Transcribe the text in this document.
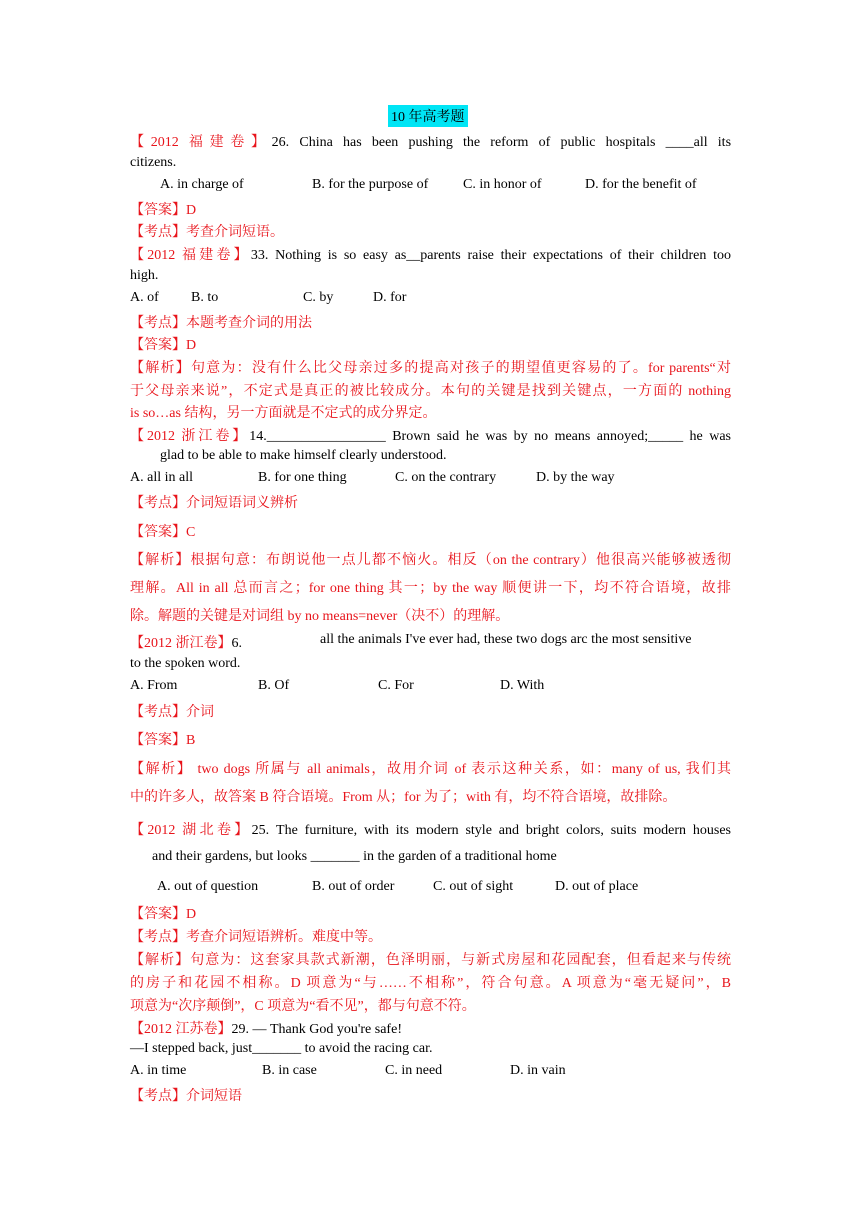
10 年高考题
【2012 福建卷】26. China has been pushing the reform of public hospitals ____all its
citizens.
A. in charge of	B. for the purpose of C. in honor of	D. for the benefit of
【答案】D
【考点】考查介词短语。
【2012 福建卷】33. Nothing is so easy as__parents raise their expectations of their children too
high.
A. of B. to	C. by	D. for
【考点】本题考查介词的用法
【答案】D
【解析】句意为：没有什么比父母亲过多的提高对孩子的期望值更容易的了。for parents“对
于父母亲来说”，不定式是真正的被比较成分。本句的关键是找到关键点，一方面的 nothing
is so…as 结构，另一方面就是不定式的成分界定。
【2012 浙江卷】14._________________ Brown said he was by no means annoyed;_____ he was
glad to be able to make himself clearly understood.
A. all in all	B. for one thing	C. on the contrary	D. by the way
【考点】介词短语词义辨析
【答案】C
【解析】根据句意：布朗说他一点儿都不恼火。相反（on the contrary）他很高兴能够被透彻
理解。All in all 总而言之；for one thing 其一；by the way 顺便讲一下，均不符合语境，故排
除。解题的关键是对词组 by no means=never（决不）的理解。
【2012 浙江卷】6.	all the animals I've ever had, these two dogs arc the most sensitive
to the spoken word.
A. From	B. Of	C. For	D. With
【考点】介词
【答案】B
【解析】 two dogs 所属与 all animals，故用介词 of 表示这种关系，如：many of us, 我们其
中的许多人，故答案 B 符合语境。From 从；for 为了；with 有，均不符合语境，故排除。
【2012 湖北卷】25. The furniture, with its modern style and bright colors, suits modern houses
and their gardens, but looks _______ in the garden of a traditional home
A. out of question	B. out of order	C. out of sight	D. out of place
【答案】D
【考点】考查介词短语辨析。难度中等。
【解析】句意为：这套家具款式新潮，色泽明丽，与新式房屋和花园配套，但看起来与传统
的房子和花园不相称。D 项意为“与……不相称”，符合句意。A 项意为“毫无疑问”，B
项意为“次序颠倒”，C 项意为“看不见”，都与句意不符。
【2012 江苏卷】29. — Thank God you're safe!
—I stepped back, just_______ to avoid the racing car.
A. in time	B. in case	C. in need	D. in vain
【考点】介词短语
